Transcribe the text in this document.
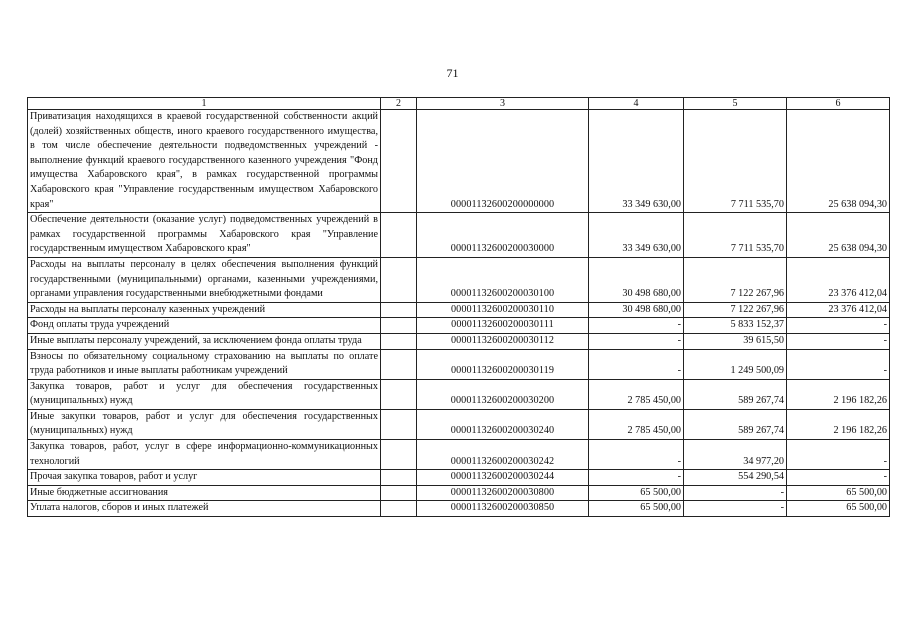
71
1	2	3	4	5	6
Приватизация находящихся в краевой государственной собственности акций (долей) хозяйственных обществ, иного краевого государственного имущества, в том числе обеспечение деятельности подведомственных учреждений - выполнение функций краевого государственного казенного учреждения "Фонд имущества Хабаровского края", в рамках государственной программы Хабаровского края "Управление государственным имуществом Хабаровского края"		00001132600200000000	33 349 630,00	7 711 535,70	25 638 094,30
Обеспечение деятельности (оказание услуг) подведомственных учреждений в рамках государственной программы Хабаровского края "Управление государственным имуществом Хабаровского края"		00001132600200030000	33 349 630,00	7 711 535,70	25 638 094,30
Расходы на выплаты персоналу в целях обеспечения выполнения функций государственными (муниципальными) органами, казенными учреждениями, органами управления государственными внебюджетными фондами		00001132600200030100	30 498 680,00	7 122 267,96	23 376 412,04
Расходы на выплаты персоналу казенных учреждений		00001132600200030110	30 498 680,00	7 122 267,96	23 376 412,04
Фонд оплаты труда учреждений		00001132600200030111	-	5 833 152,37	-
Иные выплаты персоналу учреждений, за исключением фонда оплаты труда		00001132600200030112	-	39 615,50	-
Взносы по обязательному социальному страхованию на выплаты по оплате труда работников и иные выплаты работникам учреждений		00001132600200030119	-	1 249 500,09	-
Закупка товаров, работ и услуг для обеспечения государственных (муниципальных) нужд		00001132600200030200	2 785 450,00	589 267,74	2 196 182,26
Иные закупки товаров, работ и услуг для обеспечения государственных (муниципальных) нужд		00001132600200030240	2 785 450,00	589 267,74	2 196 182,26
Закупка товаров, работ, услуг в сфере информационно-коммуникационных технологий		00001132600200030242	-	34 977,20	-
Прочая закупка товаров, работ и услуг		00001132600200030244	-	554 290,54	-
Иные бюджетные ассигнования		00001132600200030800	65 500,00	-	65 500,00
Уплата налогов, сборов и иных платежей		00001132600200030850	65 500,00	-	65 500,00
